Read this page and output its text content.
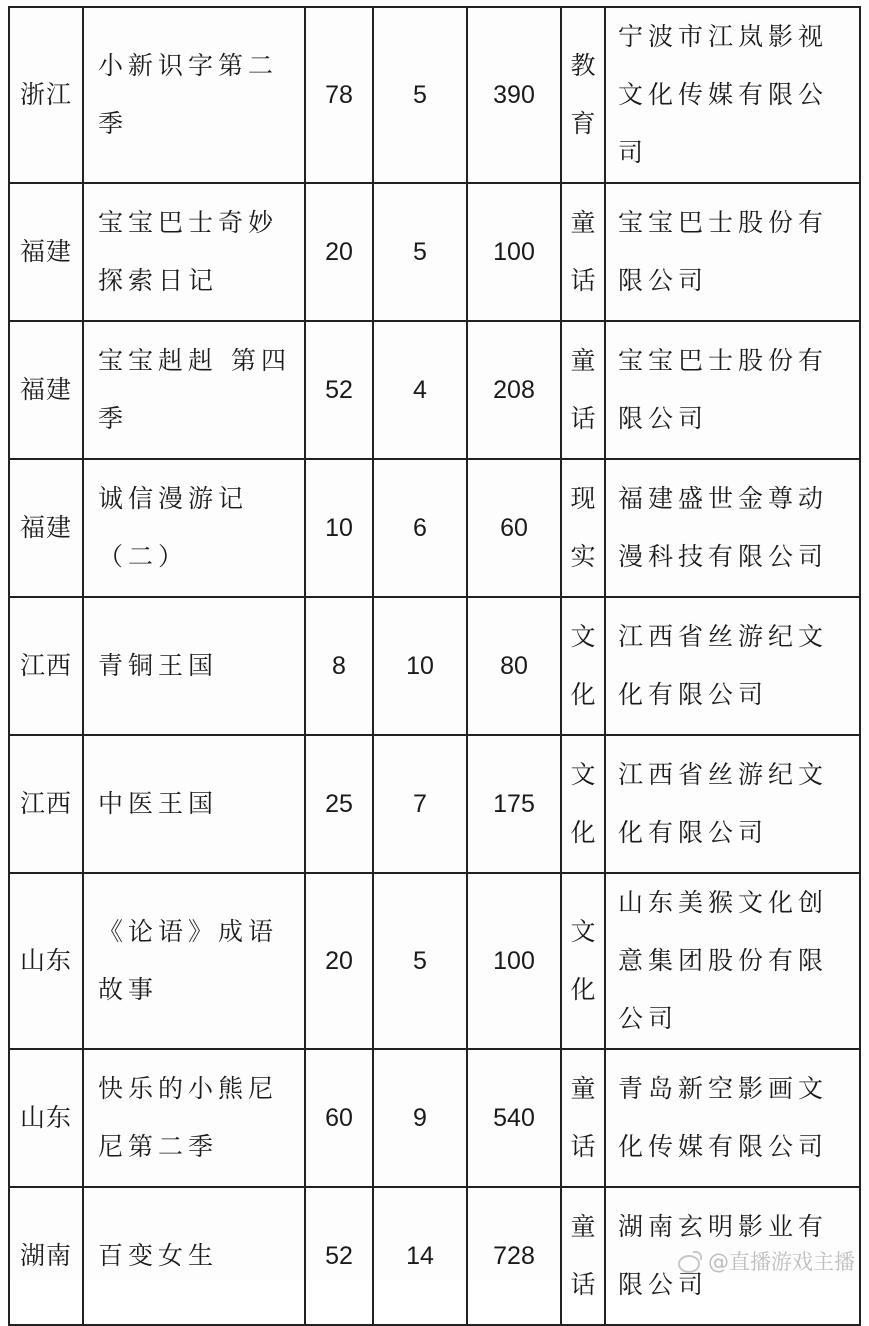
浙江	小新识字第二季	78	5	390	教育	宁波市江岚影视文化传媒有限公司
福建	宝宝巴士奇妙探索日记	20	5	100	童话	宝宝巴士股份有限公司
福建	宝宝赳赳 第四季	52	4	208	童话	宝宝巴士股份有限公司
福建	诚信漫游记（二）	10	6	60	现实	福建盛世金尊动漫科技有限公司
江西	青铜王国	8	10	80	文化	江西省丝游纪文化有限公司
江西	中医王国	25	7	175	文化	江西省丝游纪文化有限公司
山东	《论语》成语故事	20	5	100	文化	山东美猴文化创意集团股份有限公司
山东	快乐的小熊尼尼第二季	60	9	540	童话	青岛新空影画文化传媒有限公司
湖南	百变女生	52	14	728	童话	湖南玄明影业有限公司
@直播游戏主播
